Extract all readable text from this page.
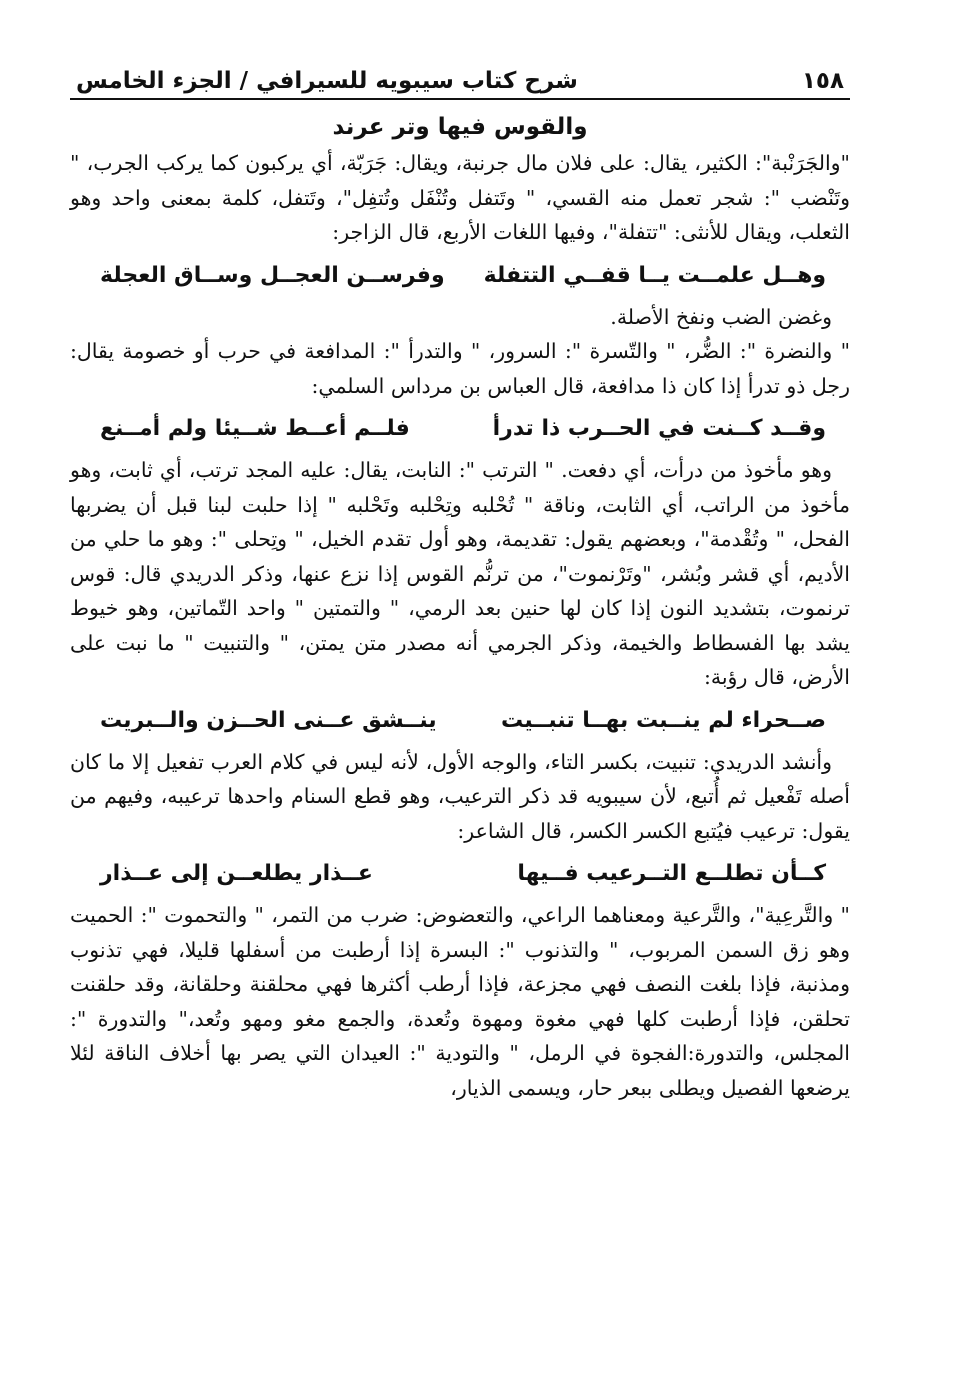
١٥٨
شرح كتاب سيبويه للسيرافي / الجزء الخامس
والقوس فيها وتر عرند

"والجَرَنْبة": الكثير، يقال: على فلان مال جرنبة، ويقال: جَرَبّة، أي يركبون كما يركب الجرب، " وتَنْضب ": شجر تعمل منه القسي، " وتَتفل وتُنْفَل وتُتفِل"، وتَتفل، كلمة بمعنى واحد وهو الثعلب، ويقال للأنثى: "تتفلة"، وفيها اللغات الأربع، قال الزاجر:

وهــل علمــت يــا قفــي التتفلة
وفرســن العجــل وســاق العجلة

وغضن الضب ونفخ الأصلة.

" والنضرة ": الضُّر، " والتّسرة ": السرور، " والتدرأ ": المدافعة في حرب أو خصومة يقال: رجل ذو تدرأ إذا كان ذا مدافعة، قال العباس بن مرداس السلمي:

وقــد كــنت في الحــرب ذا تدرأ
فلــم أعــط شــيئا ولم أمــنع

وهو مأخوذ من درأت، أي دفعت. " الترتب ": النابت، يقال: عليه المجد ترتب، أي ثابت، وهو مأخوذ من الراتب، أي الثابت، وناقة " تُحْلبه وتِحْلبه وتَحْلبه " إذا حلبت لبنا قبل أن يضربها الفحل، " وتُقْدمة"، وبعضهم يقول: تقديمة، وهو أول تقدم الخيل، " وتِحلى ": وهو ما حلي من الأديم، أي قشر وبُشر، "وتَرْنموت"، من ترنُّم القوس إذا نزع عنها، وذكر الدريدي قال: قوس ترنموت، بتشديد النون إذا كان لها حنين بعد الرمي، " والتمتين " واحد التّماتين، وهو خيوط يشد بها الفسطاط والخيمة، وذكر الجرمي أنه مصدر متن يمتن، " والتنبيت " ما نبت على الأرض، قال رؤبة:

صــحراء لم ينــبت بهــا تنبــيت
ينــشق عــنى الحــزن والــبريت

وأنشد الدريدي: تنبيت، بكسر التاء، والوجه الأول، لأنه ليس في كلام العرب تفعيل إلا ما كان أصله تَفْعيل ثم أُتبع، لأن سيبويه قد ذكر الترعيب، وهو قطع السنام واحدها ترعيبه، وفيهم من يقول: ترعيب فيُتبع الكسر الكسر، قال الشاعر:

كــأن تطلــع التــرعيب فــيها
عــذار يطلعــن إلى عــذار

" والتَّرعِية"، والتَّرعية ومعناهما الراعي، والتعضوض: ضرب من التمر، " والتحموت ": الحميت وهو زق السمن المربوب، " والتذنوب ": البسرة إذا أرطبت من أسفلها قليلا، فهي تذنوب ومذنبة، فإذا بلغت النصف فهي مجزعة، فإذا أرطب أكثرها فهي محلقنة وحلقانة، وقد حلقنت تحلقن، فإذا أرطبت كلها فهي مغوة ومهوة وتُعدة، والجمع مغو ومهو وتُعد،" والتدورة ": المجلس، والتدورة:الفجوة في الرمل، " والتودية ": العيدان التي يصر بها أخلاف الناقة لئلا يرضعها الفصيل ويطلى ببعر حار، ويسمى الذيار،
